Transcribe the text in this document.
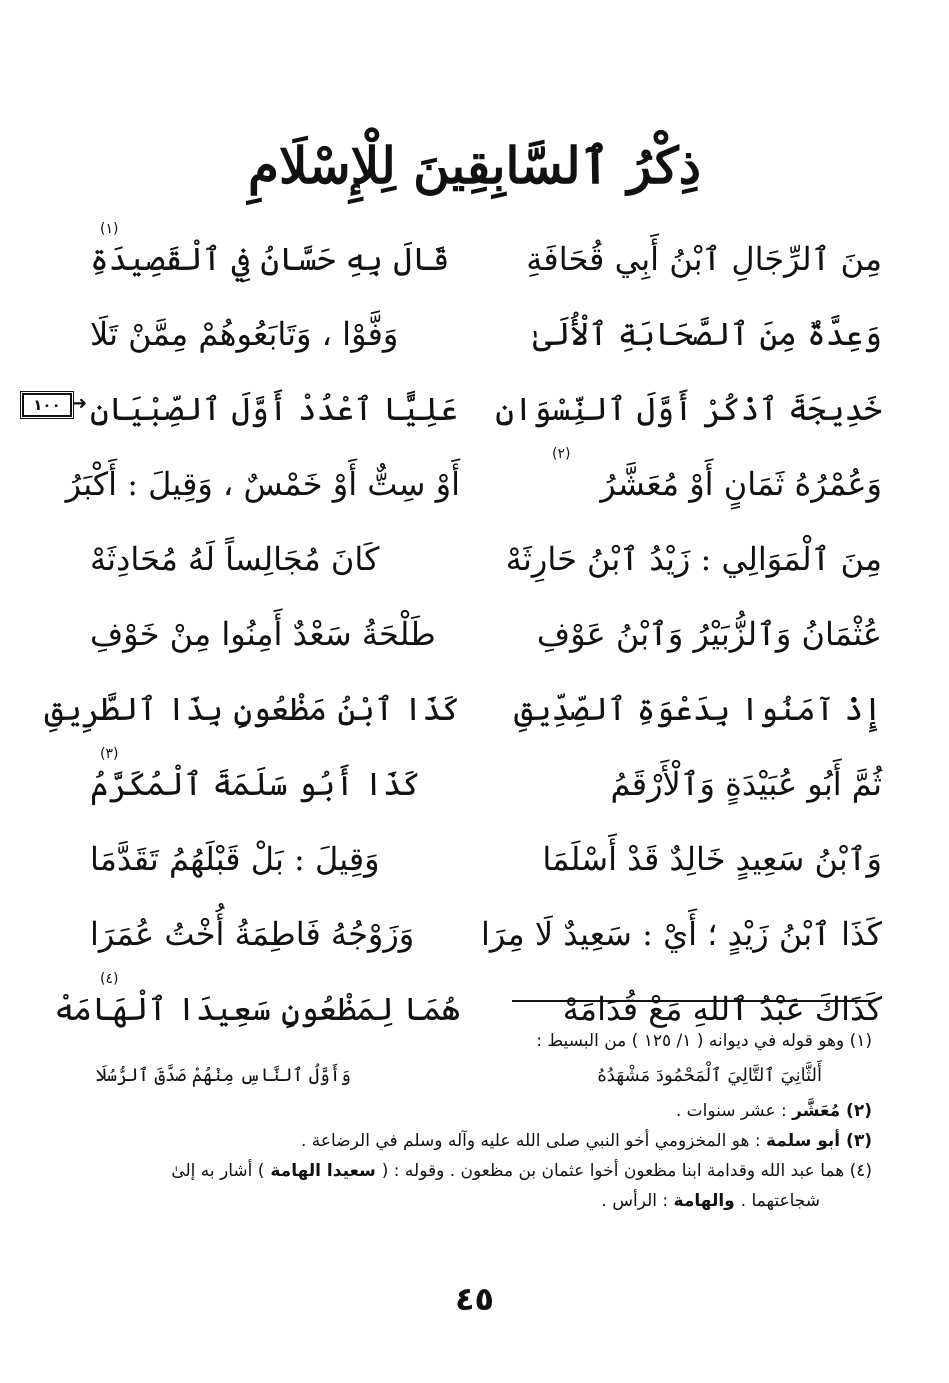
ذِكْرُ ٱلسَّابِقِينَ لِلْإِسْلَامِ
مِنَ ٱلرِّجَالِ ٱبْنُ أَبِي قُحَافَةِ
(١)
قَالَ بِهِ حَسَّانُ فِي ٱلْقَصِيدَةِ
وَعِدَّةٌ مِنَ ٱلصَّحَابَةِ ٱلْأُلَىٰ
وَفَّوْا ، وَتَابَعُوهُمْ مِمَّنْ تَلَا
خَدِيجَةَ ٱذْكُرْ أَوَّلَ ٱلنِّسْوَانِ
عَلِيًّا ٱعْدُدْ أَوَّلَ ٱلصِّبْيَانِ
(٢)
وَعُمْرُهُ ثَمَانٍ أَوْ مُعَشَّرُ
أَوْ سِتٌّ أَوْ خَمْسٌ ، وَقِيلَ : أَكْبَرُ
مِنَ ٱلْمَوَالِي : زَيْدُ ٱبْنُ حَارِثَهْ
كَانَ مُجَالِساً لَهُ مُحَادِثَهْ
عُثْمَانُ وَٱلزُّبَيْرُ وَٱبْنُ عَوْفِ
طَلْحَةُ سَعْدٌ أَمِنُوا مِنْ خَوْفِ
إِذْ آمَنُوا بِدَعْوَةِ ٱلصِّدِّيقِ
كَذَا ٱبْنُ مَظْعُونٍ بِذَا ٱلطَّرِيقِ
ثُمَّ أَبُو عُبَيْدَةٍ وَٱلْأَرْقَمُ
(٣)
كَذَا أَبُو سَلَمَةَ ٱلْمُكَرَّمُ
وَٱبْنُ سَعِيدٍ خَالِدٌ قَدْ أَسْلَمَا
وَقِيلَ : بَلْ قَبْلَهُمُ تَقَدَّمَا
كَذَا ٱبْنُ زَيْدٍ ؛ أَيْ : سَعِيدٌ لَا مِرَا
وَزَوْجُهُ فَاطِمَةُ أُخْتُ عُمَرَا
كَذَاكَ عَبْدُ ٱللهِ مَعْ قُدَامَهْ
(٤)
هُمَا لِمَظْعُونٍ سَعِيدَا ٱلْهَامَهْ
١٠٠ ➜
(١) وهو قوله في ديوانه ( ١/ ١٢٥ ) من البسيط :
أَلثَّانِيَ ٱلتَّالِيَ ٱلْمَحْمُودَ مَشْهَدُهُ
وَأَوَّلُ ٱلنَّاسِ مِنْهُمْ صَدَّقَ ٱلرُّسُلَا
(٢) مُعَشَّر : عشر سنوات .
(٣) أبو سلمة : هو المخزومي أخو النبي صلى الله عليه وآله وسلم في الرضاعة .
(٤) هما عبد الله وقدامة ابنا مظعون أخوا عثمان بن مظعون . وقوله : ( سعيدا الهامة ) أشار به إلىٰ
شجاعتهما . والهامة : الرأس .
٤٥
